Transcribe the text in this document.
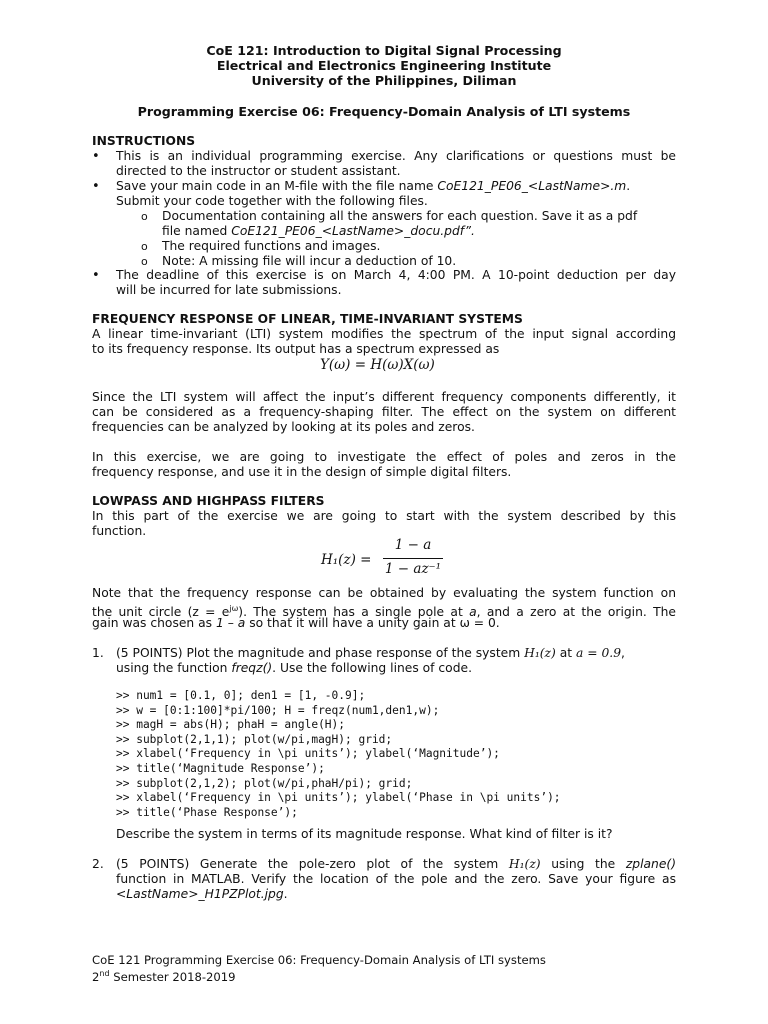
CoE 121: Introduction to Digital Signal Processing
Electrical and Electronics Engineering Institute
University of the Philippines, Diliman
Programming Exercise 06: Frequency-Domain Analysis of LTI systems
INSTRUCTIONS
• This is an individual programming exercise. Any clarifications or questions must be
directed to the instructor or student assistant.
• Save your main code in an M-file with the file name CoE121_PE06_<LastName>.m.
Submit your code together with the following files.
o Documentation containing all the answers for each question. Save it as a pdf
file named CoE121_PE06_<LastName>_docu.pdf”.
o The required functions and images.
o Note: A missing file will incur a deduction of 10.
• The deadline of this exercise is on March 4, 4:00 PM. A 10-point deduction per day
will be incurred for late submissions.
FREQUENCY RESPONSE OF LINEAR, TIME-INVARIANT SYSTEMS
A linear time-invariant (LTI) system modifies the spectrum of the input signal according
to its frequency response. Its output has a spectrum expressed as
Y(ω) = H(ω)X(ω)
Since the LTI system will affect the input’s different frequency components differently, it
can be considered as a frequency-shaping filter. The effect on the system on different
frequencies can be analyzed by looking at its poles and zeros.
In this exercise, we are going to investigate the effect of poles and zeros in the
frequency response, and use it in the design of simple digital filters.
LOWPASS AND HIGHPASS FILTERS
In this part of the exercise we are going to start with the system described by this
function.
H₁(z) =
1 − a
1 − az⁻¹
Note that the frequency response can be obtained by evaluating the system function on
the unit circle $(z = e^{j\omega})$. The system has a single pole at a, and a zero at the origin. The
gain was chosen as 1 – a so that it will have a unity gain at ω = 0.
1. (5 POINTS) Plot the magnitude and phase response of the system H₁(z) at a = 0.9,
using the function freqz(). Use the following lines of code.
>> num1 = [0.1, 0]; den1 = [1, -0.9];
>> w = [0:1:100]*pi/100; H = freqz(num1,den1,w);
>> magH = abs(H); phaH = angle(H);
>> subplot(2,1,1); plot(w/pi,magH); grid;
>> xlabel(‘Frequency in \pi units’); ylabel(‘Magnitude’);
>> title(‘Magnitude Response’);
>> subplot(2,1,2); plot(w/pi,phaH/pi); grid;
>> xlabel(‘Frequency in \pi units’); ylabel(‘Phase in \pi units’);
>> title(‘Phase Response’);
Describe the system in terms of its magnitude response. What kind of filter is it?
2. (5 POINTS) Generate the pole-zero plot of the system H₁(z) using the zplane()
function in MATLAB. Verify the location of the pole and the zero. Save your figure as
<LastName>_H1PZPlot.jpg.
CoE 121 Programming Exercise 06: Frequency-Domain Analysis of LTI systems
2nd Semester 2018-2019
